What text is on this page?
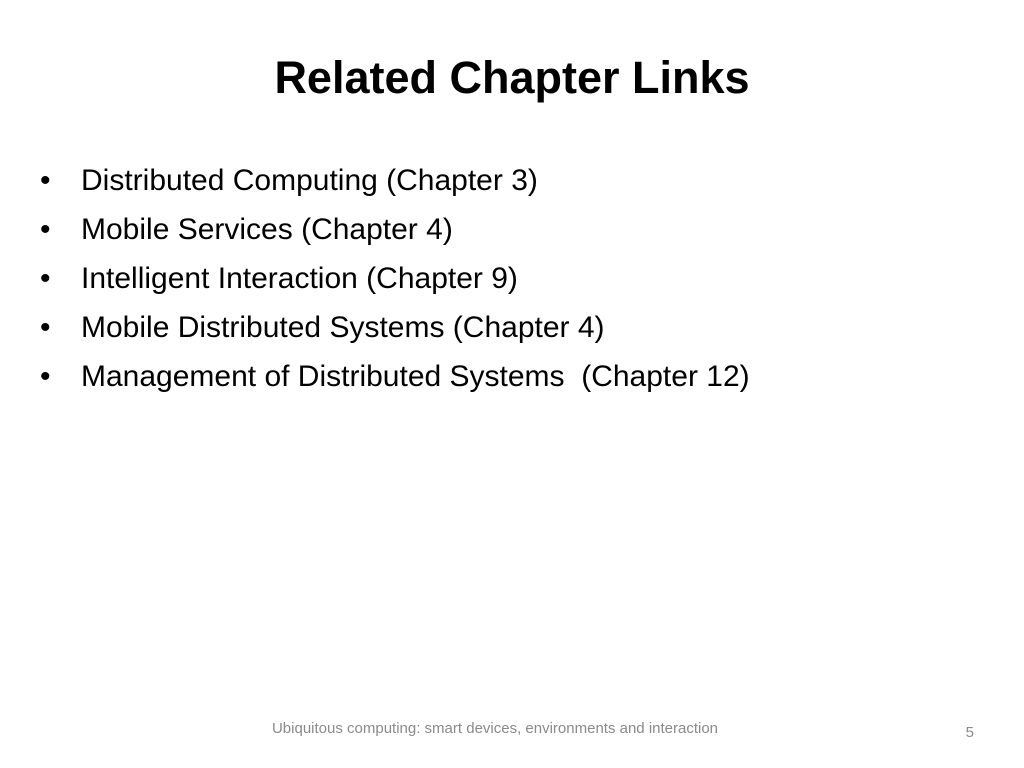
Related Chapter Links

•

	Distributed Computing (Chapter 3)

•

	Mobile Services (Chapter 4)

•

	Intelligent Interaction (Chapter 9)

•

	Mobile Distributed Systems (Chapter 4)

•

	Management of Distributed Systems  (Chapter 12)

Ubiquitous computing: smart devices, environments and interaction	5
